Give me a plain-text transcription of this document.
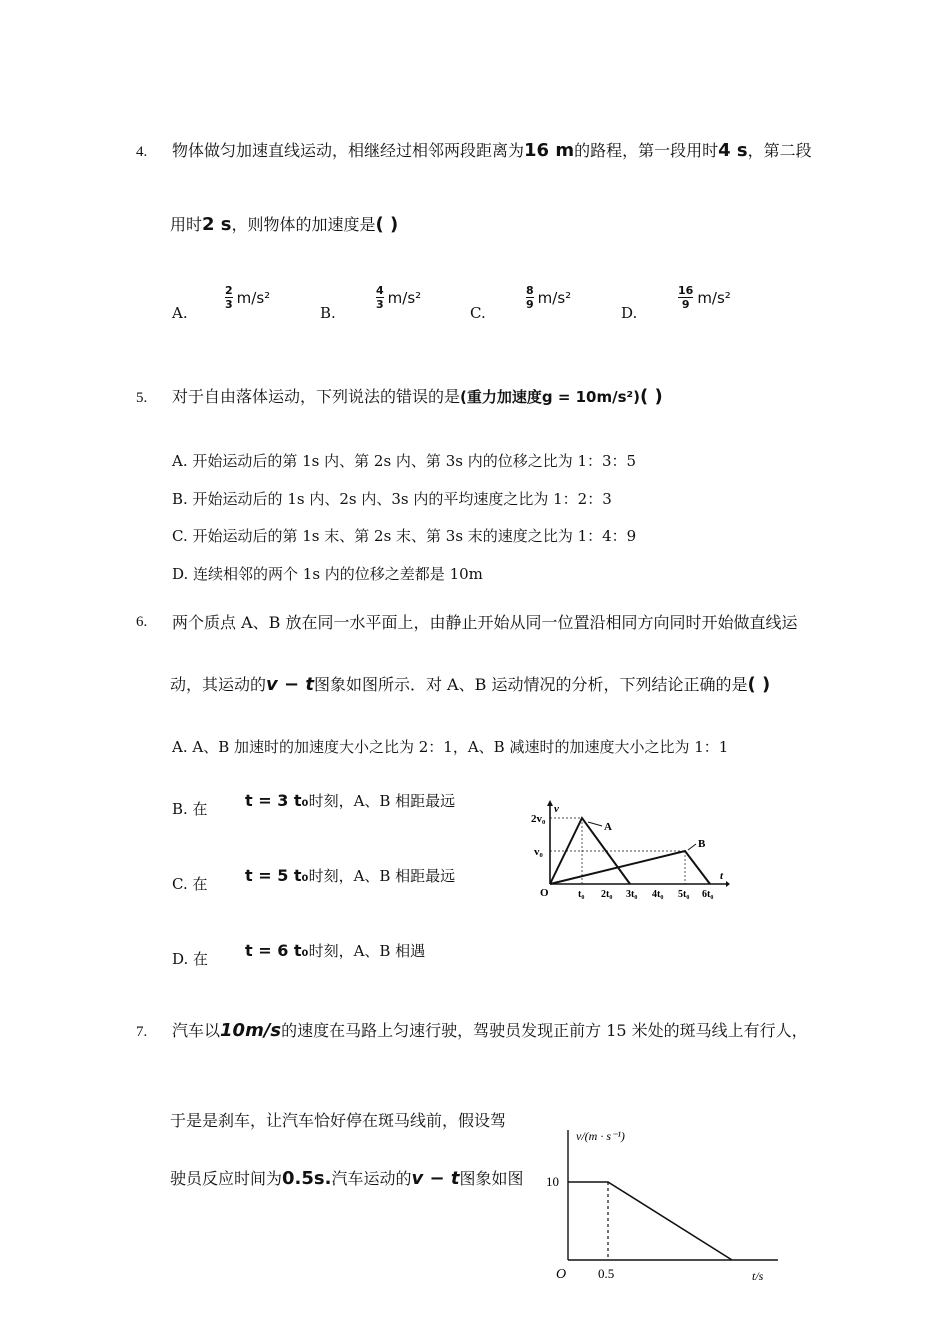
4. 物体做匀加速直线运动，相继经过相邻两段距离为16 m的路程，第一段用时4 s，第二段
用时2 s，则物体的加速度是( )
A.
$\frac{2}{3} m/s^2$
B.
$\frac{4}{3} m/s^2$
C.
$\frac{8}{9} m/s^2$
D.
$\frac{16}{9} m/s^2$
5. 对于自由落体运动，下列说法的错误的是(重力加速度g = 10m/s²)( )
A. 开始运动后的第 1s 内、第 2s 内、第 3s 内的位移之比为 1：3：5
B. 开始运动后的 1s 内、2s 内、3s 内的平均速度之比为 1：2：3
C. 开始运动后的第 1s 末、第 2s 末、第 3s 末的速度之比为 1：4：9
D. 连续相邻的两个 1s 内的位移之差都是 10m
6. 两个质点 A、B 放在同一水平面上，由静止开始从同一位置沿相同方向同时开始做直线运
动，其运动的v − t图象如图所示．对 A、B 运动情况的分析，下列结论正确的是( )
A. A、B 加速时的加速度大小之比为 2：1，A、B 减速时的加速度大小之比为 1：1
B. 在 t = 3 t₀时刻，A、B 相距最远
C. 在 t = 5 t₀时刻，A、B 相距最远
D. 在 t = 6 t₀时刻，A、B 相遇
A
B
2v₀
v₀
v
t
O	t₀ 2t₀ 3t₀ 4t₀ 5t₀ 6t₀
7. 汽车以10m/s的速度在马路上匀速行驶，驾驶员发现正前方 15 米处的斑马线上有行人，
于是是刹车，让汽车恰好停在斑马线前，假设驾
驶员反应时间为0.5s.汽车运动的v − t图象如图
v/(m · s⁻¹)
10
O 0.5	t/s
